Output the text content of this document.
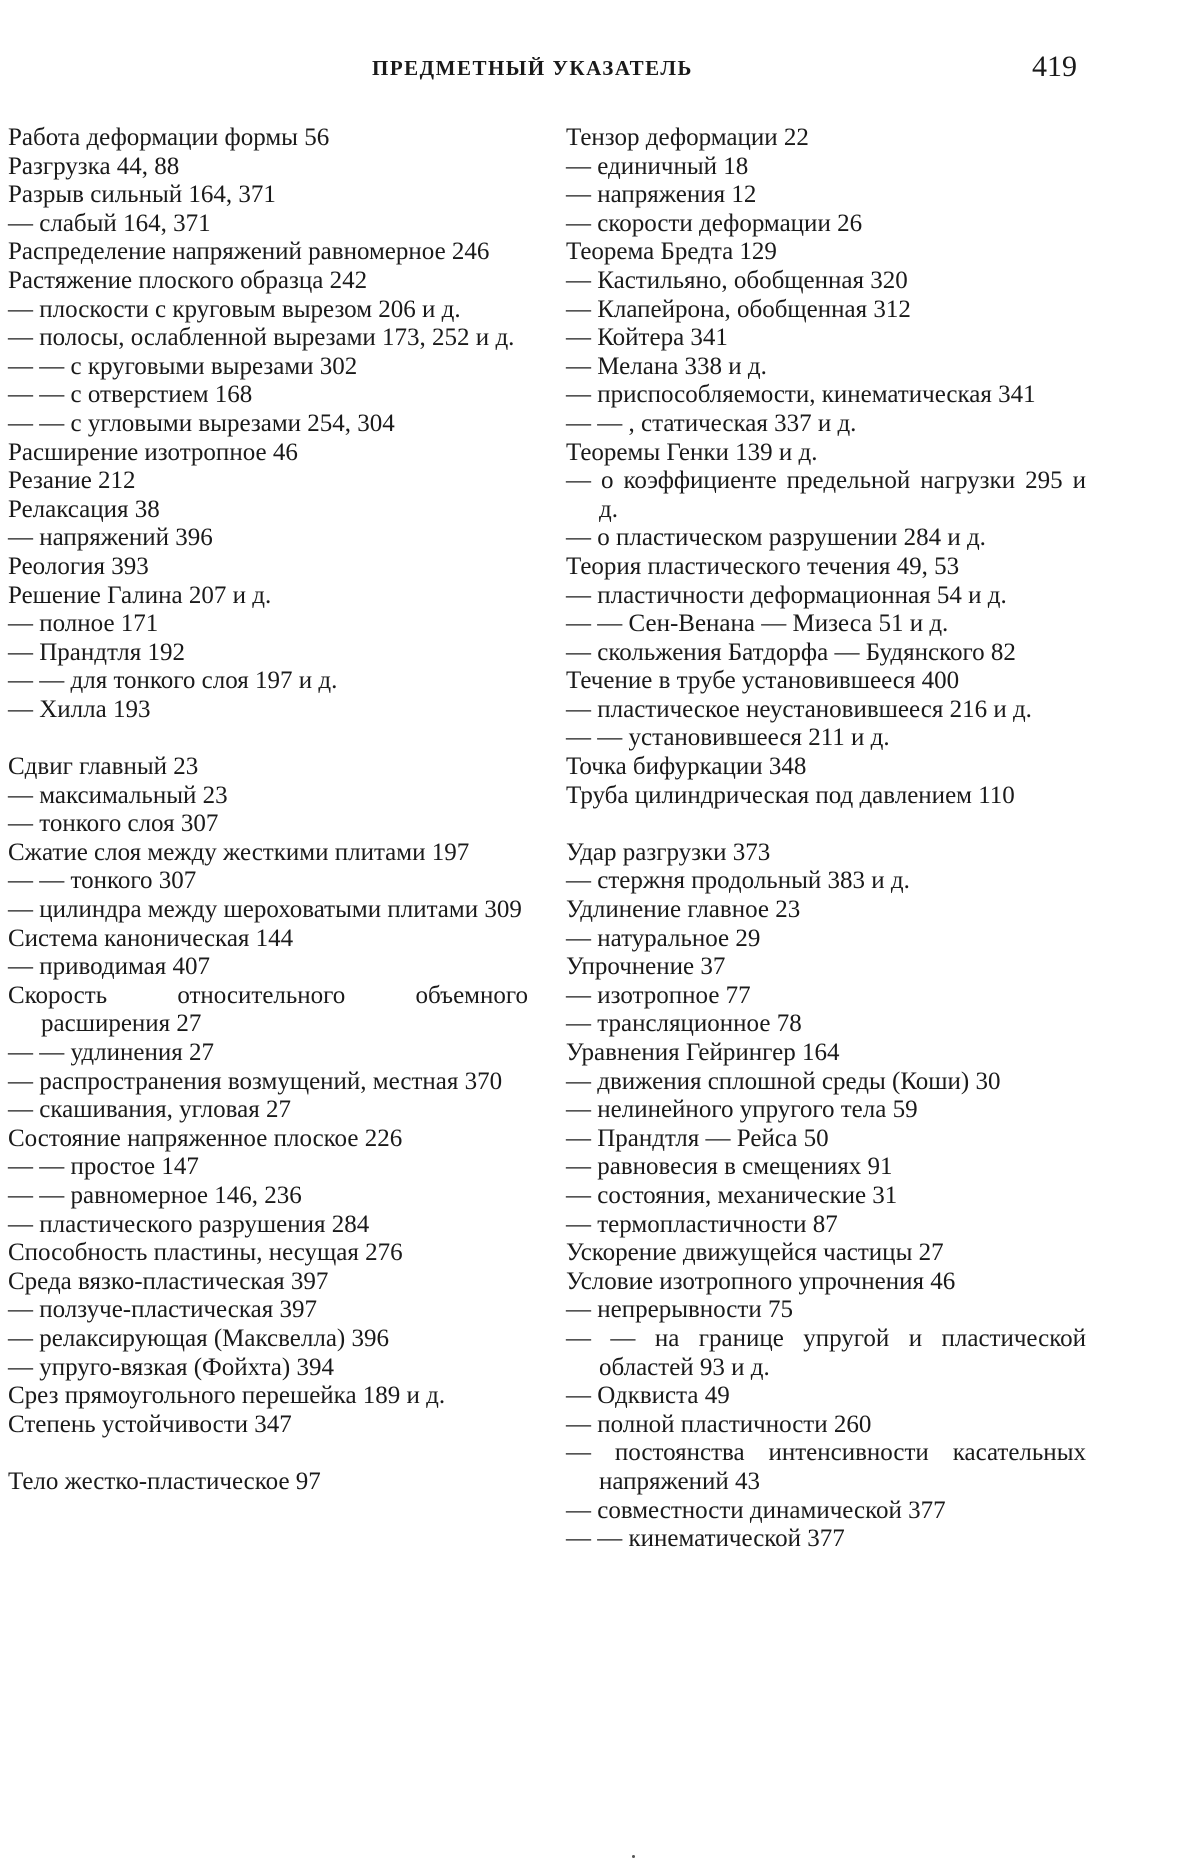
ПРЕДМЕТНЫЙ УКАЗАТЕЛЬ	419
Работа деформации формы 56
Разгрузка 44, 88
Разрыв сильный 164, 371
— слабый 164, 371
Распределение напряжений равномерное 246
Растяжение плоского образца 242
— плоскости с круговым вырезом 206 и д.
— полосы, ослабленной вырезами 173, 252 и д.
— — с круговыми вырезами 302
— — с отверстием 168
— — с угловыми вырезами 254, 304
Расширение изотропное 46
Резание 212
Релаксация 38
— напряжений 396
Реология 393
Решение Галина 207 и д.
— полное 171
— Прандтля 192
— — для тонкого слоя 197 и д.
— Хилла 193
Сдвиг главный 23
— максимальный 23
— тонкого слоя 307
Сжатие слоя между жесткими плитами 197
— — тонкого 307
— цилиндра между шероховатыми плитами 309
Система каноническая 144
— приводимая 407
Скорость относительного объемного расширения 27
— — удлинения 27
— распространения возмущений, местная 370
— скашивания, угловая 27
Состояние напряженное плоское 226
— — простое 147
— — равномерное 146, 236
— пластического разрушения 284
Способность пластины, несущая 276
Среда вязко-пластическая 397
— ползуче-пластическая 397
— релаксирующая (Максвелла) 396
— упруго-вязкая (Фойхта) 394
Срез прямоугольного перешейка 189 и д.
Степень устойчивости 347
Тело жестко-пластическое 97
Тензор деформации 22
— единичный 18
— напряжения 12
— скорости деформации 26
Теорема Бредта 129
— Кастильяно, обобщенная 320
— Клапейрона, обобщенная 312
— Койтера 341
— Мелана 338 и д.
— приспособляемости, кинематическая 341
— — , статическая 337 и д.
Теоремы Генки 139 и д.
— о коэффициенте предельной нагрузки 295 и д.
— о пластическом разрушении 284 и д.
Теория пластического течения 49, 53
— пластичности деформационная 54 и д.
— — Сен-Венана — Мизеса 51 и д.
— скольжения Батдорфа — Будянского 82
Течение в трубе установившееся 400
— пластическое неустановившееся 216 и д.
— — установившееся 211 и д.
Точка бифуркации 348
Труба цилиндрическая под давлением 110
Удар разгрузки 373
— стержня продольный 383 и д.
Удлинение главное 23
— натуральное 29
Упрочнение 37
— изотропное 77
— трансляционное 78
Уравнения Гейрингер 164
— движения сплошной среды (Коши) 30
— нелинейного упругого тела 59
— Прандтля — Рейса 50
— равновесия в смещениях 91
— состояния, механические 31
— термопластичности 87
Ускорение движущейся частицы 27
Условие изотропного упрочнения 46
— непрерывности 75
— — на границе упругой и пластической областей 93 и д.
— Одквиста 49
— полной пластичности 260
— постоянства интенсивности касательных напряжений 43
— совместности динамической 377
— — кинематической 377
